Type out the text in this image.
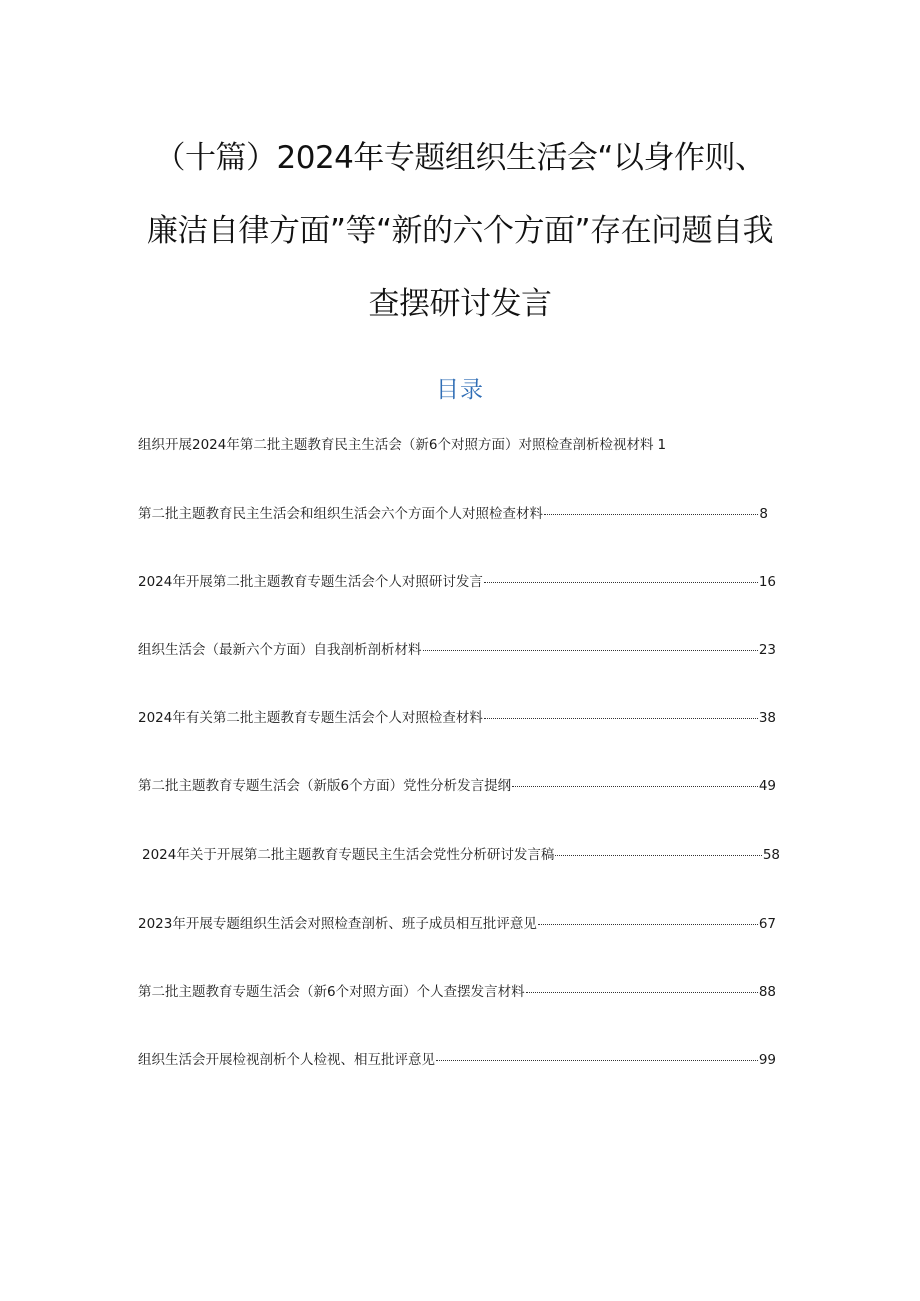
（十篇）2024年专题组织生活会“以身作则、
廉洁自律方面”等“新的六个方面”存在问题自我
查摆研讨发言
目录
组织开展2024年第二批主题教育民主生活会（新6个对照方面）对照检查剖析检视材料 1
第二批主题教育民主生活会和组织生活会六个方面个人对照检查材料	8
2024年开展第二批主题教育专题生活会个人对照研讨发言	16
组织生活会（最新六个方面）自我剖析剖析材料	23
2024年有关第二批主题教育专题生活会个人对照检查材料	38
第二批主题教育专题生活会（新版6个方面）党性分析发言提纲	49
2024年关于开展第二批主题教育专题民主生活会党性分析研讨发言稿	58
2023年开展专题组织生活会对照检查剖析、班子成员相互批评意见	67
第二批主题教育专题生活会（新6个对照方面）个人查摆发言材料	88
组织生活会开展检视剖析个人检视、相互批评意见	99
